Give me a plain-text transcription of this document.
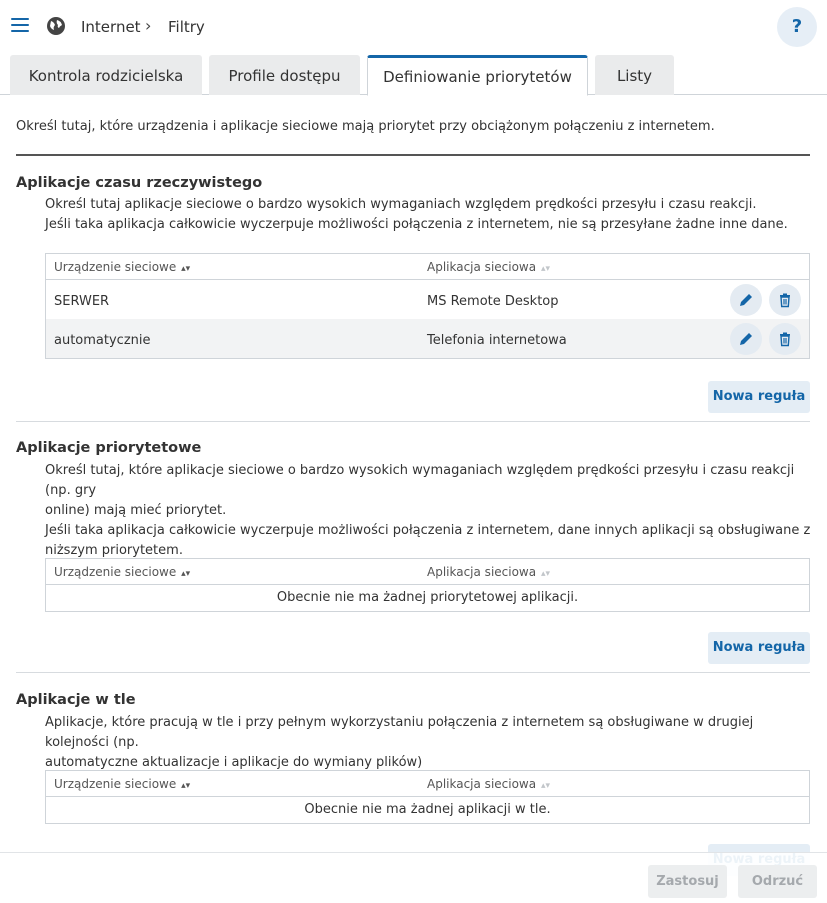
Internet › Filtry	?
Kontrola rodzicielska	Profile dostępu	Definiowanie priorytetów	Listy
Określ tutaj, które urządzenia i aplikacje sieciowe mają priorytet przy obciążonym połączeniu z internetem.
Aplikacje czasu rzeczywistego
Określ tutaj aplikacje sieciowe o bardzo wysokich wymaganiach względem prędkości przesyłu i czasu reakcji.
Jeśli taka aplikacja całkowicie wyczerpuje możliwości połączenia z internetem, nie są przesyłane żadne inne dane.
Urządzenie sieciowe ▴▾	Aplikacja sieciowa ▴▾
SERWER	MS Remote Desktop
automatycznie	Telefonia internetowa
Nowa reguła
Aplikacje priorytetowe
Określ tutaj, które aplikacje sieciowe o bardzo wysokich wymaganiach względem prędkości przesyłu i czasu reakcji (np. gry
online) mają mieć priorytet.
Jeśli taka aplikacja całkowicie wyczerpuje możliwości połączenia z internetem, dane innych aplikacji są obsługiwane z
niższym priorytetem.
Urządzenie sieciowe ▴▾	Aplikacja sieciowa ▴▾
Obecnie nie ma żadnej priorytetowej aplikacji.
Nowa reguła
Aplikacje w tle
Aplikacje, które pracują w tle i przy pełnym wykorzystaniu połączenia z internetem są obsługiwane w drugiej kolejności (np.
automatyczne aktualizacje i aplikacje do wymiany plików)
Urządzenie sieciowe ▴▾	Aplikacja sieciowa ▴▾
Obecnie nie ma żadnej aplikacji w tle.
Zastosuj	Odrzuć
